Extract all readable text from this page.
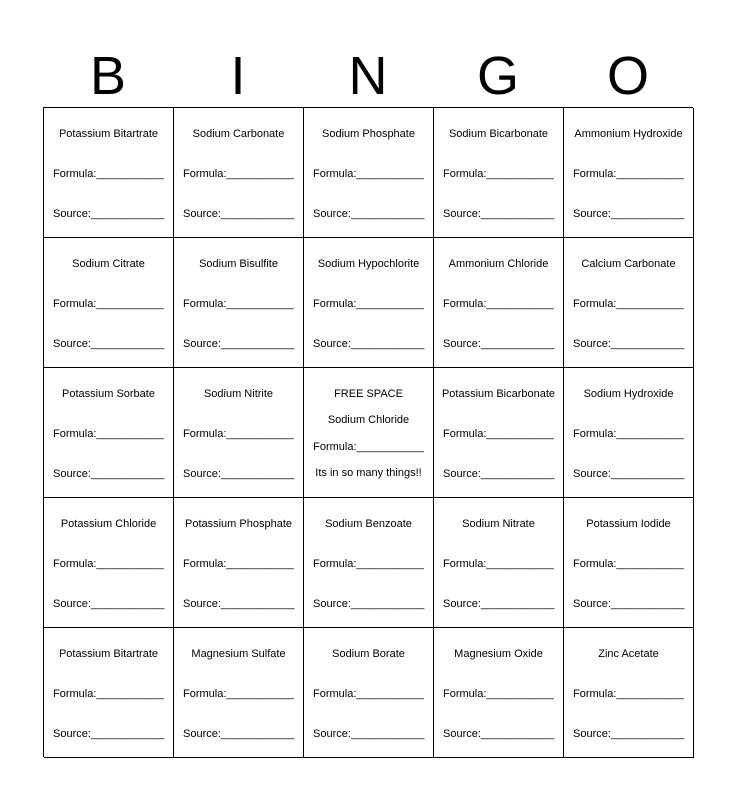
B	I	N	G	O
Potassium Bitartrate
Formula:___________
Source:____________
Sodium Carbonate
Formula:___________
Source:____________
Sodium Phosphate
Formula:___________
Source:____________
Sodium Bicarbonate
Formula:___________
Source:____________
Ammonium Hydroxide
Formula:___________
Source:____________
Sodium Citrate
Formula:___________
Source:____________
Sodium Bisulfite
Formula:___________
Source:____________
Sodium Hypochlorite
Formula:___________
Source:____________
Ammonium Chloride
Formula:___________
Source:____________
Calcium Carbonate
Formula:___________
Source:____________
Potassium Sorbate
Formula:___________
Source:____________
Sodium Nitrite
Formula:___________
Source:____________
FREE SPACE
Sodium Chloride
Formula:___________
Its in so many things!!
Potassium Bicarbonate
Formula:___________
Source:____________
Sodium Hydroxide
Formula:___________
Source:____________
Potassium Chloride
Formula:___________
Source:____________
Potassium Phosphate
Formula:___________
Source:____________
Sodium Benzoate
Formula:___________
Source:____________
Sodium Nitrate
Formula:___________
Source:____________
Potassium Iodide
Formula:___________
Source:____________
Potassium Bitartrate
Formula:___________
Source:____________
Magnesium Sulfate
Formula:___________
Source:____________
Sodium Borate
Formula:___________
Source:____________
Magnesium Oxide
Formula:___________
Source:____________
Zinc Acetate
Formula:___________
Source:____________
